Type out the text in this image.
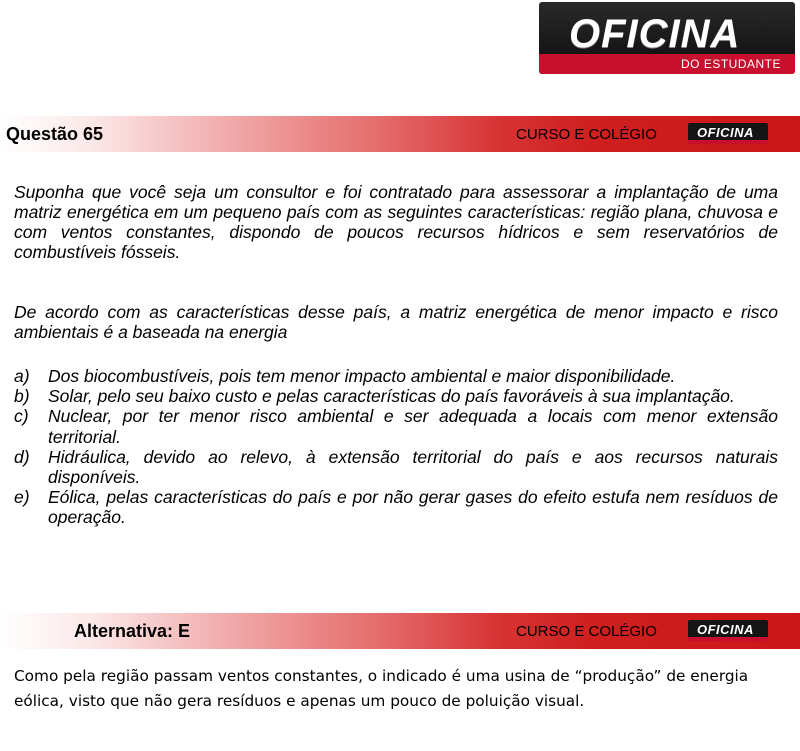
OFICINA
DO ESTUDANTE
Questão 65	CURSO E COLÉGIO	OFICINA

Suponha que você seja um consultor e foi contratado para assessorar a implantação de uma matriz energética em um pequeno país com as seguintes características: região plana, chuvosa e com ventos constantes, dispondo de poucos recursos hídricos e sem reservatórios de combustíveis fósseis.

De acordo com as características desse país, a matriz energética de menor impacto e risco ambientais é a baseada na energia

a) Dos biocombustíveis, pois tem menor impacto ambiental e maior disponibilidade.
b) Solar, pelo seu baixo custo e pelas características do país favoráveis à sua implantação.
c) Nuclear, por ter menor risco ambiental e ser adequada a locais com menor extensão territorial.
d) Hidráulica, devido ao relevo, à extensão territorial do país e aos recursos naturais disponíveis.
e) Eólica, pelas características do país e por não gerar gases do efeito estufa nem resíduos de operação.
Alternativa: E	CURSO E COLÉGIO	OFICINA

Como pela região passam ventos constantes, o indicado é uma usina de “produção” de energia eólica, visto que não gera resíduos e apenas um pouco de poluição visual.
